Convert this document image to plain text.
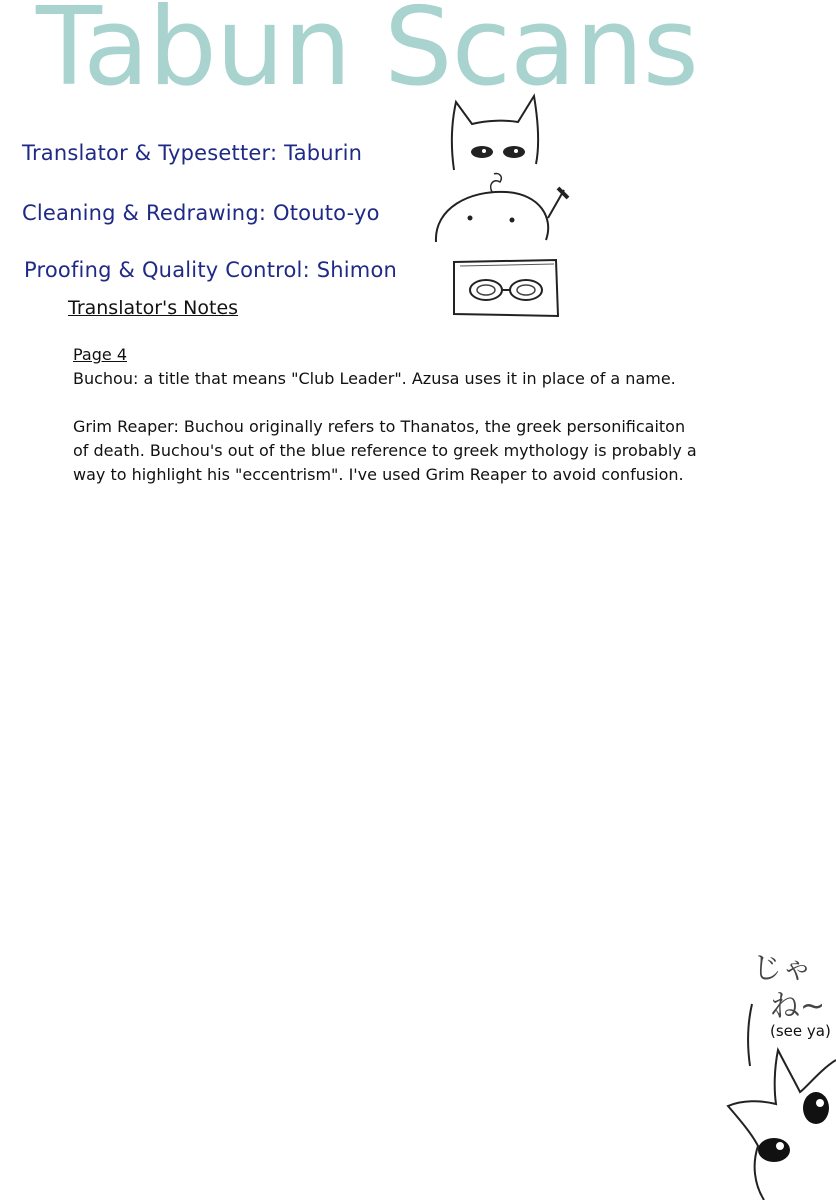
Tabun Scans
Translator & Typesetter: Taburin
Cleaning & Redrawing: Otouto-yo
Proofing & Quality Control: Shimon
Translator's Notes
Page 4

Buchou: a title that means "Club Leader". Azusa uses it in place of a name.

Grim Reaper: Buchou originally refers to Thanatos, the greek personificaiton

of death. Buchou's out of the blue reference to greek mythology is probably a

way to highlight his "eccentrism". I've used Grim Reaper to avoid confusion.

じゃ
ね~
(see ya)
